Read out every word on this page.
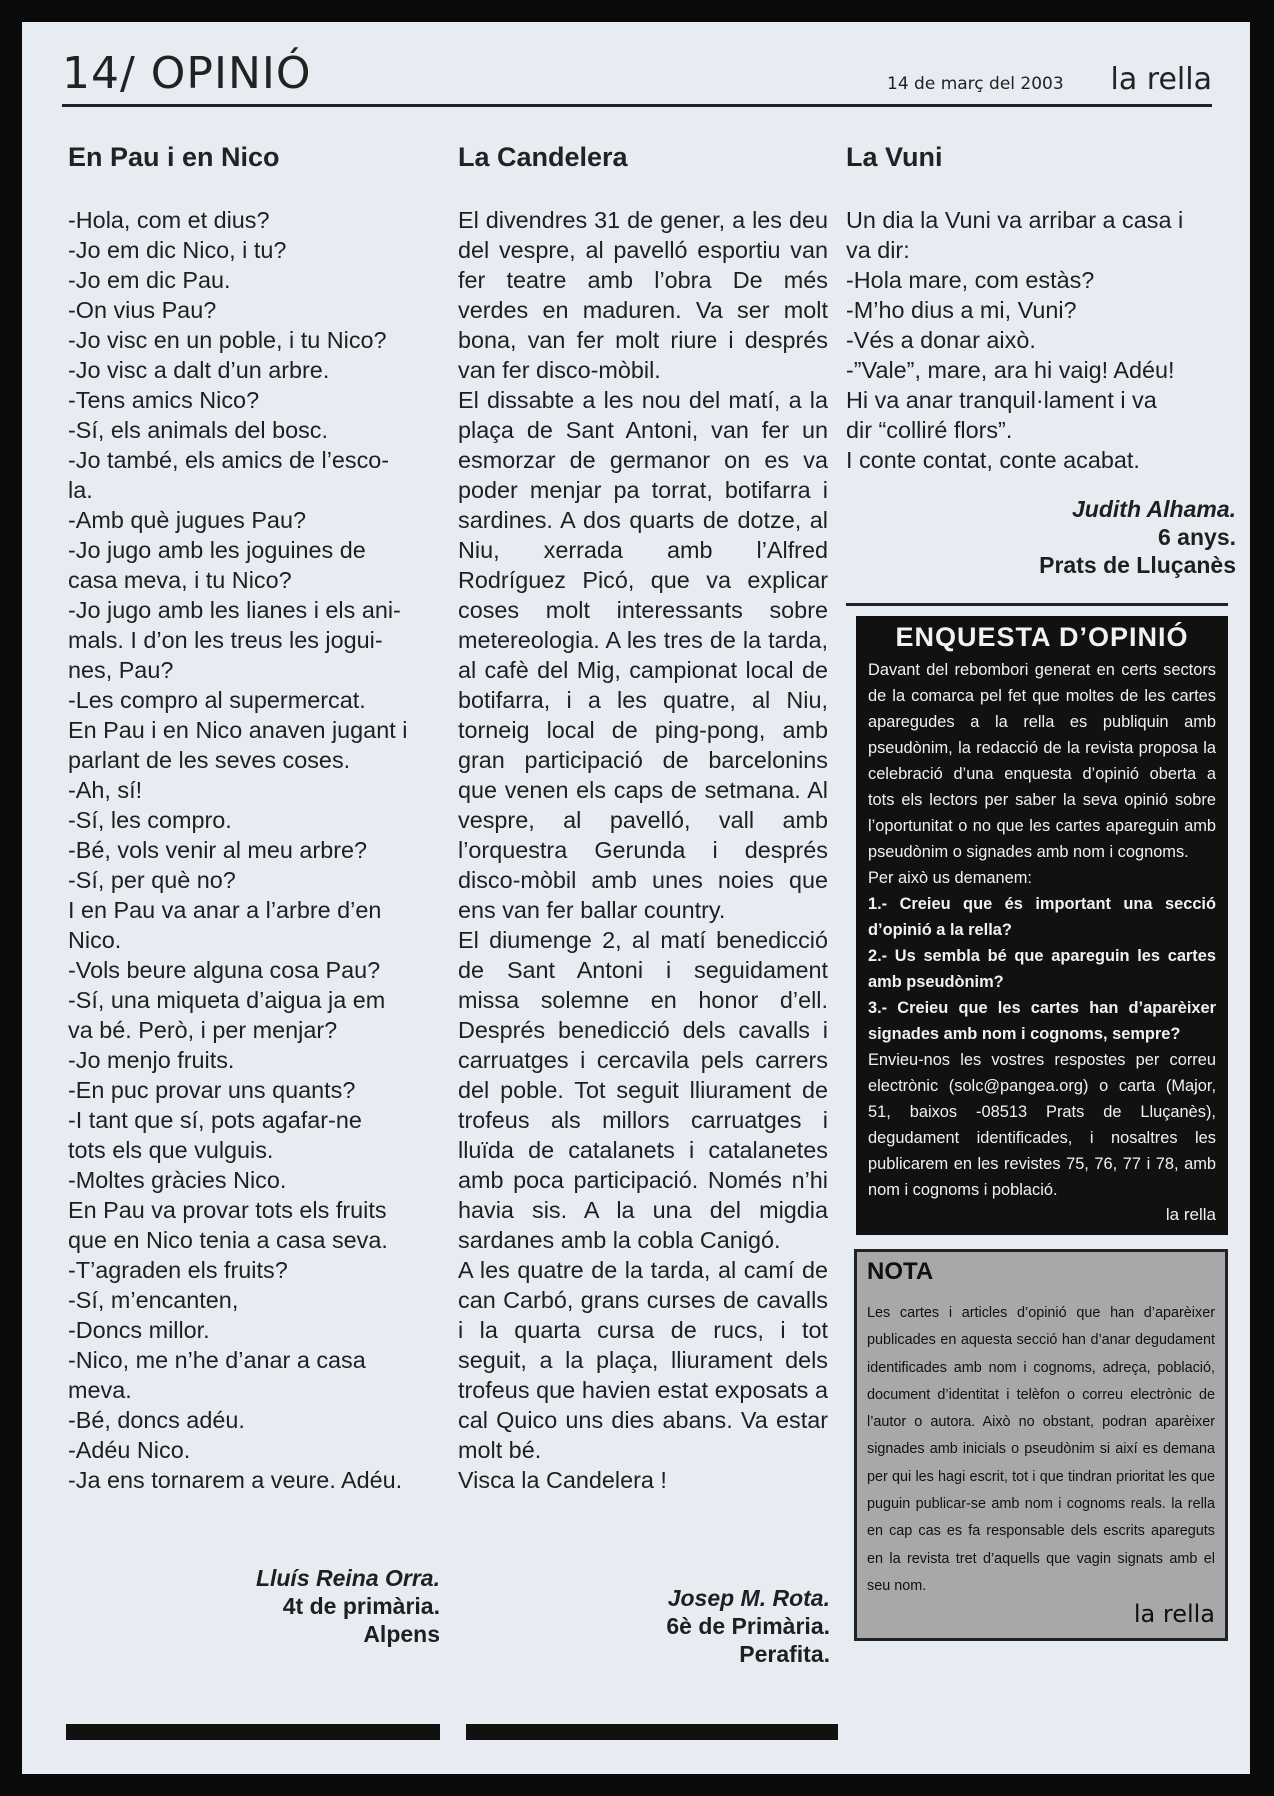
14/ OPINIÓ	14 de març del 2003 la rella
En Pau i en Nico

-Hola, com et dius?

-Jo em dic Nico, i tu?

-Jo em dic Pau.

-On vius Pau?

-Jo visc en un poble, i tu Nico?

-Jo visc a dalt d’un arbre.

-Tens amics Nico?

-Sí, els animals del bosc.

-Jo també, els amics de l’esco-

la.

-Amb què jugues Pau?

-Jo jugo amb les joguines de

casa meva, i tu Nico?

-Jo jugo amb les lianes i els ani-

mals. I d’on les treus les jogui-

nes, Pau?

-Les compro al supermercat.

En Pau i en Nico anaven jugant i

parlant de les seves coses.

-Ah, sí!

-Sí, les compro.

-Bé, vols venir al meu arbre?

-Sí, per què no?

I en Pau va anar a l’arbre d’en

Nico.

-Vols beure alguna cosa Pau?

-Sí, una miqueta d’aigua ja em

va bé. Però, i per menjar?

-Jo menjo fruits.

-En puc provar uns quants?

-I tant que sí, pots agafar-ne

tots els que vulguis.

-Moltes gràcies Nico.

En Pau va provar tots els fruits

que en Nico tenia a casa seva.

-T’agraden els fruits?

-Sí, m’encanten,

-Doncs millor.

-Nico, me n’he d’anar a casa

meva.

-Bé, doncs adéu.

-Adéu Nico.

-Ja ens tornarem a veure. Adéu.

Lluís Reina Orra.
4t de primària.
Alpens
La Candelera

El divendres 31 de gener, a les deu del vespre, al pavelló esportiu van fer teatre amb l’obra De més verdes en maduren. Va ser molt bona, van fer molt riure i després van fer disco-mòbil.

El dissabte a les nou del matí, a la plaça de Sant Antoni, van fer un esmorzar de germanor on es va poder menjar pa torrat, botifarra i sardines. A dos quarts de dotze, al Niu, xerrada amb l’Alfred Rodríguez Picó, que va explicar coses molt interessants sobre metereologia. A les tres de la tarda, al cafè del Mig, campionat local de botifarra, i a les quatre, al Niu, torneig local de ping-pong, amb gran participació de barcelonins que venen els caps de setmana. Al vespre, al pavelló, vall amb l’orquestra Gerunda i després disco-mòbil amb unes noies que ens van fer ballar country.

El diumenge 2, al matí benedicció de Sant Antoni i seguidament missa solemne en honor d’ell. Després benedicció dels cavalls i carruatges i cercavila pels carrers del poble. Tot seguit lliurament de trofeus als millors carruatges i lluïda de catalanets i catalanetes amb poca participació. Només n’hi havia sis. A la una del migdia sardanes amb la cobla Canigó.

A les quatre de la tarda, al camí de can Carbó, grans curses de cavalls i la quarta cursa de rucs, i tot seguit, a la plaça, lliurament dels trofeus que havien estat exposats a cal Quico uns dies abans. Va estar molt bé.

Visca la Candelera !

Josep M. Rota.
6è de Primària.
Perafita.
La Vuni

Un dia la Vuni va arribar a casa i

va dir:

-Hola mare, com estàs?

-M’ho dius a mi, Vuni?

-Vés a donar això.

-”Vale”, mare, ara hi vaig! Adéu!

Hi va anar tranquil·lament i va

dir “colliré flors”.

I conte contat, conte acabat.

Judith Alhama.
6 anys.
Prats de Lluçanès
ENQUESTA D’OPINIÓ

Davant del rebombori generat en certs sectors de la comarca pel fet que moltes de les cartes aparegudes a la rella es publiquin amb pseudònim, la redacció de la revista proposa la celebració d’una enquesta d’opinió oberta a tots els lectors per saber la seva opinió sobre l’oportunitat o no que les cartes apareguin amb pseudònim o signades amb nom i cognoms.

Per això us demanem:

1.- Creieu que és important una secció d’opinió a la rella?

2.- Us sembla bé que apareguin les cartes amb pseudònim?

3.- Creieu que les cartes han d’aparèixer signades amb nom i cognoms, sempre?

Envieu-nos les vostres respostes per correu electrònic (solc@pangea.org) o carta (Major, 51, baixos -08513 Prats de Lluçanès), degudament identificades, i nosaltres les publicarem en les revistes 75, 76, 77 i 78, amb nom i cognoms i població.

la rella
NOTA

Les cartes i articles d’opinió que han d’aparèixer publicades en aquesta secció han d’anar degudament identificades amb nom i cognoms, adreça, població, document d’identitat i telèfon o correu electrònic de l’autor o autora. Això no obstant, podran aparèixer signades amb inicials o pseudònim si així es demana per qui les hagi escrit, tot i que tindran prioritat les que puguin publicar-se amb nom i cognoms reals. la rella en cap cas es fa responsable dels escrits apareguts en la revista tret d’aquells que vagin signats amb el seu nom.

la rella
